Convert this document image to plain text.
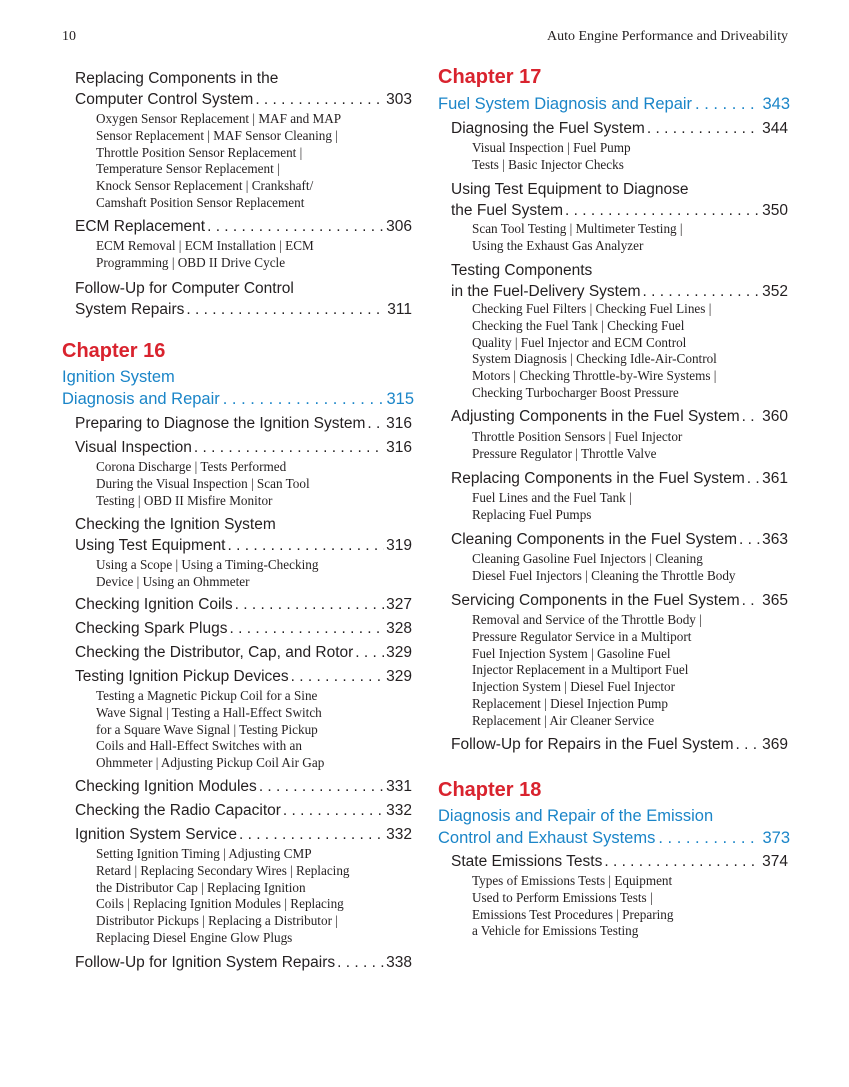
10	Auto Engine Performance and Driveability
Replacing Components in the
Computer Control System . . .	303
Oxygen Sensor Replacement | MAF and MAP
Sensor Replacement | MAF Sensor Cleaning |
Throttle Position Sensor Replacement |
Temperature Sensor Replacement |
Knock Sensor Replacement | Crankshaft/
Camshaft Position Sensor Replacement
ECM Replacement . . .	306
ECM Removal | ECM Installation | ECM
Programming | OBD II Drive Cycle
Follow-Up for Computer Control
System Repairs . . .	311
Chapter 16
Ignition System
Diagnosis and Repair . . .	315
Preparing to Diagnose the Ignition System . . . 316
Visual Inspection . . .	316
Corona Discharge | Tests Performed
During the Visual Inspection | Scan Tool
Testing | OBD II Misfire Monitor
Checking the Ignition System
Using Test Equipment . . .	319
Using a Scope | Using a Timing-Checking
Device | Using an Ohmmeter
Checking Ignition Coils . . .	327
Checking Spark Plugs . . .	328
Checking the Distributor, Cap, and Rotor . . . 329
Testing Ignition Pickup Devices . . .	329
Testing a Magnetic Pickup Coil for a Sine
Wave Signal | Testing a Hall-Effect Switch
for a Square Wave Signal | Testing Pickup
Coils and Hall-Effect Switches with an
Ohmmeter | Adjusting Pickup Coil Air Gap
Checking Ignition Modules . . .	331
Checking the Radio Capacitor . . .	332
Ignition System Service . . .	332
Setting Ignition Timing | Adjusting CMP
Retard | Replacing Secondary Wires | Replacing
the Distributor Cap | Replacing Ignition
Coils | Replacing Ignition Modules | Replacing
Distributor Pickups | Replacing a Distributor |
Replacing Diesel Engine Glow Plugs
Follow-Up for Ignition System Repairs . . .	338
Chapter 17
Fuel System Diagnosis and Repair . . .	343
Diagnosing the Fuel System . . .	344
Visual Inspection | Fuel Pump
Tests | Basic Injector Checks
Using Test Equipment to Diagnose
the Fuel System . . .	350
Scan Tool Testing | Multimeter Testing |
Using the Exhaust Gas Analyzer
Testing Components
in the Fuel-Delivery System . . .	352
Checking Fuel Filters | Checking Fuel Lines |
Checking the Fuel Tank | Checking Fuel
Quality | Fuel Injector and ECM Control
System Diagnosis | Checking Idle-Air-Control
Motors | Checking Throttle-by-Wire Systems |
Checking Turbocharger Boost Pressure
Adjusting Components in the Fuel System . . . 360
Throttle Position Sensors | Fuel Injector
Pressure Regulator | Throttle Valve
Replacing Components in the Fuel System . . . 361
Fuel Lines and the Fuel Tank |
Replacing Fuel Pumps
Cleaning Components in the Fuel System . . . 363
Cleaning Gasoline Fuel Injectors | Cleaning
Diesel Fuel Injectors | Cleaning the Throttle Body
Servicing Components in the Fuel System . . . 365
Removal and Service of the Throttle Body |
Pressure Regulator Service in a Multiport
Fuel Injection System | Gasoline Fuel
Injector Replacement in a Multiport Fuel
Injection System | Diesel Fuel Injector
Replacement | Diesel Injection Pump
Replacement | Air Cleaner Service
Follow-Up for Repairs in the Fuel System . . . 369
Chapter 18
Diagnosis and Repair of the Emission
Control and Exhaust Systems . . .	373
State Emissions Tests . . .	374
Types of Emissions Tests | Equipment
Used to Perform Emissions Tests |
Emissions Test Procedures | Preparing
a Vehicle for Emissions Testing
